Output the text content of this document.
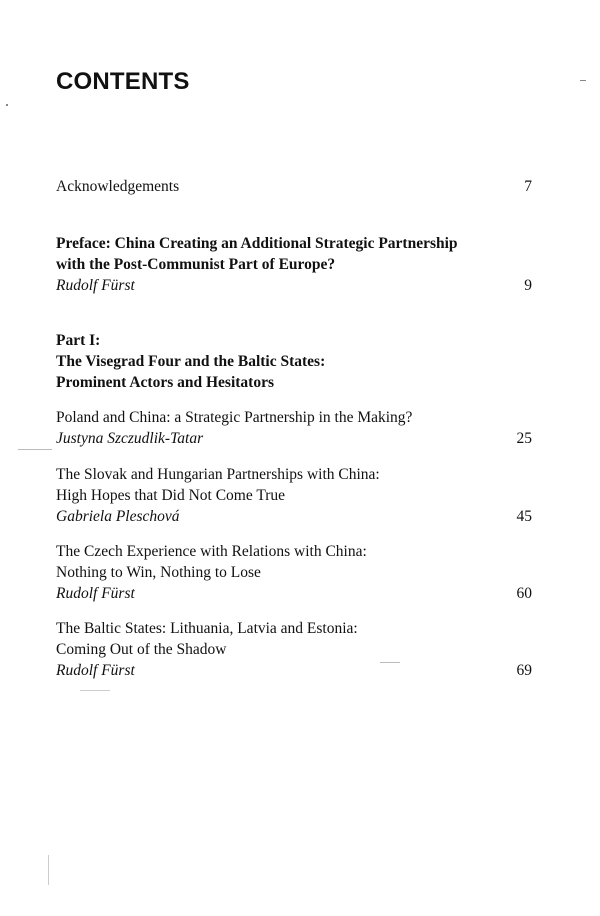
CONTENTS
Acknowledgements	7
Preface: China Creating an Additional Strategic Partnership
with the Post-Communist Part of Europe?
Rudolf Fürst	9
Part I:
The Visegrad Four and the Baltic States:
Prominent Actors and Hesitators
Poland and China: a Strategic Partnership in the Making?
Justyna Szczudlik-Tatar	25
The Slovak and Hungarian Partnerships with China:
High Hopes that Did Not Come True
Gabriela Pleschová	45
The Czech Experience with Relations with China:
Nothing to Win, Nothing to Lose
Rudolf Fürst	60
The Baltic States: Lithuania, Latvia and Estonia:
Coming Out of the Shadow
Rudolf Fürst	69
